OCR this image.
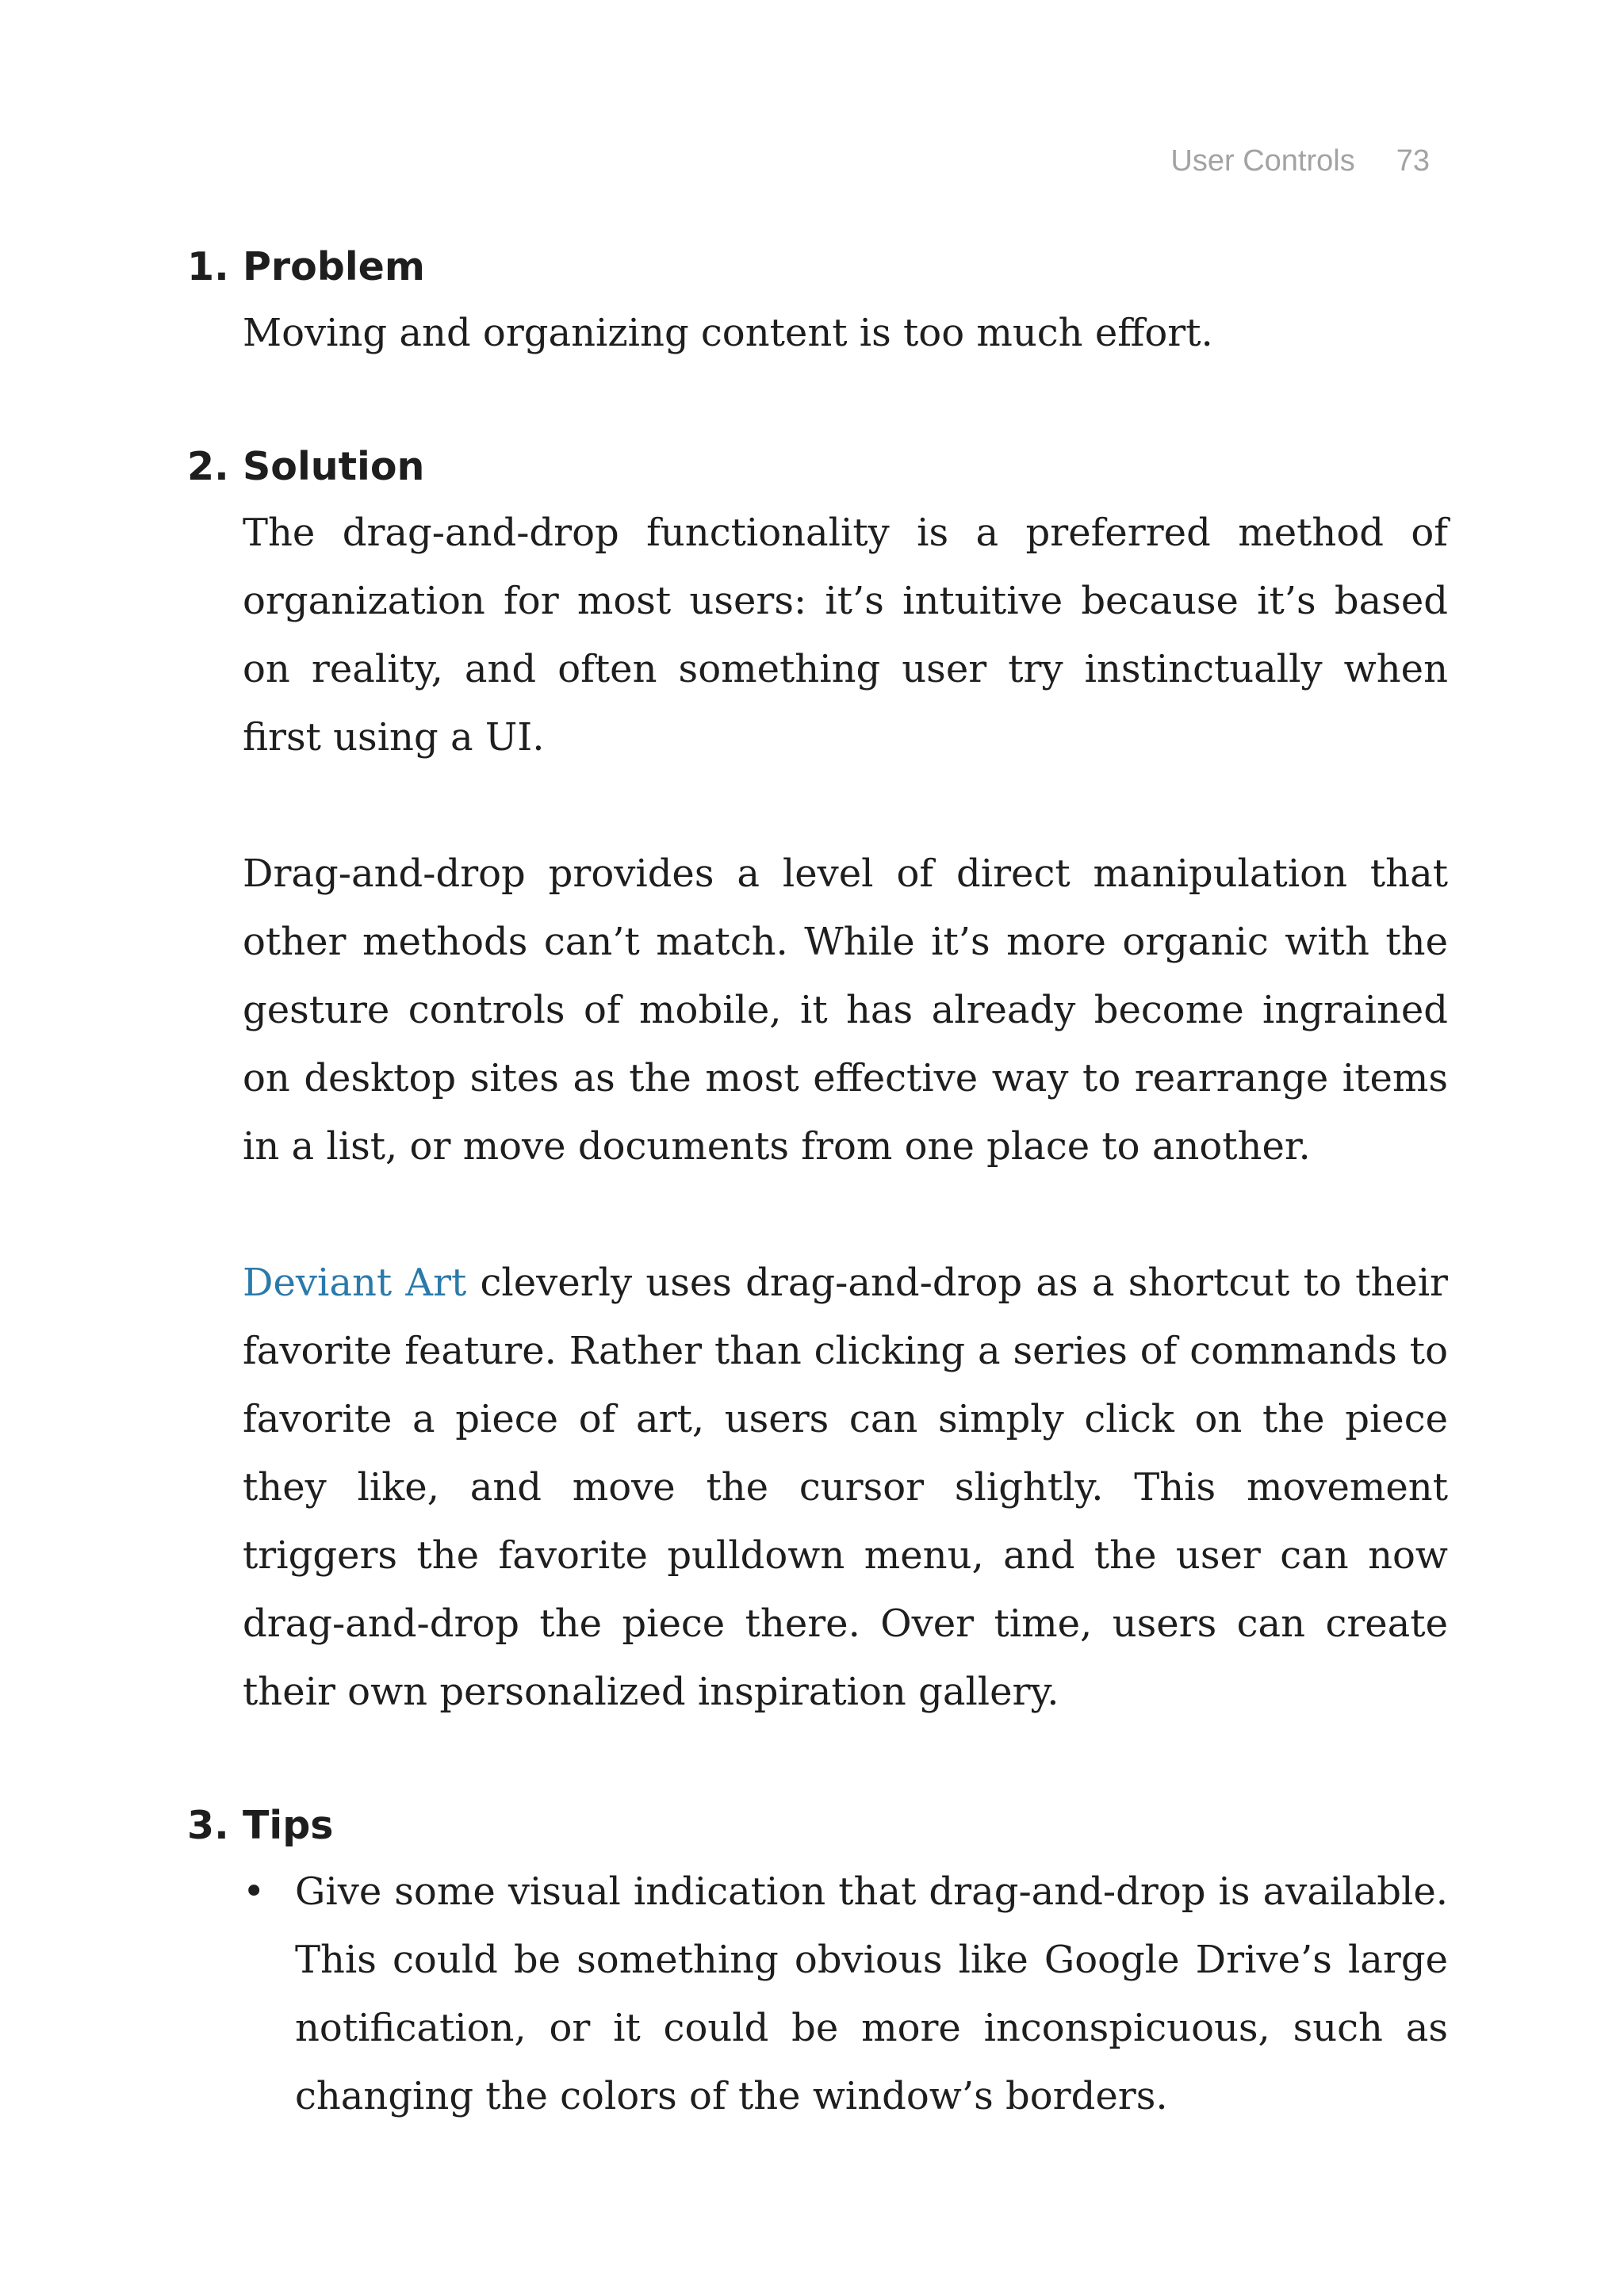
User Controls 73
1. Problem

Moving and organizing content is too much effort.

2. Solution

The drag-and-drop functionality is a preferred method of organization for most users: it’s intuitive because it’s based on reality, and often something user try instinctually when first using a UI.

Drag-and-drop provides a level of direct manipulation that other methods can’t match. While it’s more organic with the gesture controls of mobile, it has already become ingrained on desktop sites as the most effective way to rearrange items in a list, or move documents from one place to another.

Deviant Art cleverly uses drag-and-drop as a shortcut to their favorite feature. Rather than clicking a series of commands to favorite a piece of art, users can simply click on the piece they like, and move the cursor slightly. This movement triggers the favorite pulldown menu, and the user can now drag-and-drop the piece there. Over time, users can create their own personalized inspiration gallery.

3. Tips
• Give some visual indication that drag-and-drop is available. This could be something obvious like Google Drive’s large notification, or it could be more inconspicuous, such as changing the colors of the window’s borders.
